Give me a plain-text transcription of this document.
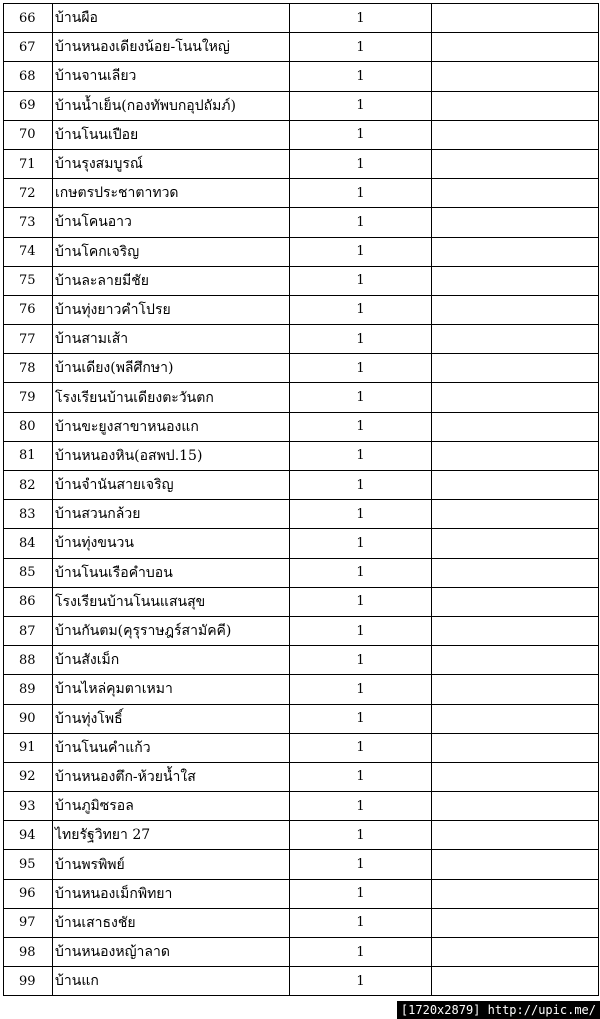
66	บ้านผือ	1	
67	บ้านหนองเดียงน้อย-โนนใหญ่	1	
68	บ้านจานเลียว	1	
69	บ้านน้ำเย็น(กองทัพบกอุปถัมภ์)	1	
70	บ้านโนนเปือย	1	
71	บ้านรุงสมบูรณ์	1	
72	เกษตรประชาตาทวด	1	
73	บ้านโคนอาว	1	
74	บ้านโคกเจริญ	1	
75	บ้านละลายมีชัย	1	
76	บ้านทุ่งยาวคำโปรย	1	
77	บ้านสามเส้า	1	
78	บ้านเดียง(พลีศึกษา)	1	
79	โรงเรียนบ้านเดียงตะวันตก	1	
80	บ้านขะยูงสาขาหนองแก	1	
81	บ้านหนองหิน(อสพป.15)	1	
82	บ้านจำนันสายเจริญ	1	
83	บ้านสวนกล้วย	1	
84	บ้านทุ่งขนวน	1	
85	บ้านโนนเรือคำบอน	1	
86	โรงเรียนบ้านโนนแสนสุข	1	
87	บ้านกันตม(คุรุราษฎร์สามัคคี)	1	
88	บ้านสังเม็ก	1	
89	บ้านไหล่คุมตาเหมา	1	
90	บ้านทุ่งโพธิ์	1	
91	บ้านโนนคำแก้ว	1	
92	บ้านหนองตึก-ห้วยน้ำใส	1	
93	บ้านภูมิซรอล	1	
94	ไทยรัฐวิทยา 27	1	
95	บ้านพรพิพย์	1	
96	บ้านหนองเม็กพิทยา	1	
97	บ้านเสาธงชัย	1	
98	บ้านหนองหญ้าลาด	1	
99	บ้านแก	1	
[1720x2879] http://upic.me/
